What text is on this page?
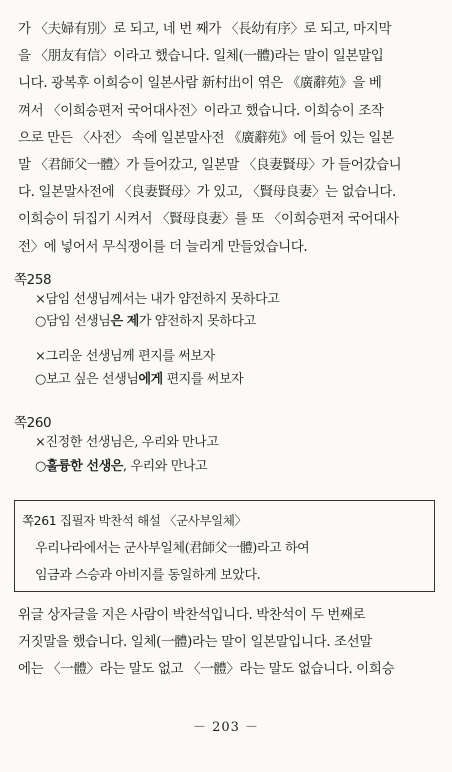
가 〈夫婦有別〉로 되고, 네 번 째가 〈長幼有序〉로 되고, 마지막
을 〈朋友有信〉이라고 했습니다. 일체(一體)라는 말이 일본말입
니다. 광복후 이희승이 일본사람 新村出이 엮은 《廣辭苑》을 베
껴서 〈이희승편저 국어대사전〉이라고 했습니다. 이희승이 조작
으로 만든 〈사전〉 속에 일본말사전 《廣辭苑》에 들어 있는 일본
말 〈君師父一體〉가 들어갔고, 일본말 〈良妻賢母〉가 들어갔습니
다. 일본말사전에 〈良妻賢母〉가 있고, 〈賢母良妻〉는 없습니다.
이희승이 뒤집기 시켜서 〈賢母良妻〉를 또 〈이희승편저 국어대사
전〉에 넣어서 무식쟁이를 더 늘리게 만들었습니다.

쪽258
×담임 선생님께서는 내가 얌전하지 못하다고
○담임 선생님은 제가 얌전하지 못하다고
×그리운 선생님께 편지를 써보자
○보고 싶은 선생님에게 편지를 써보자
쪽260
×진정한 선생님은, 우리와 만나고
○훌륭한 선생은, 우리와 만나고
쪽261 집필자 박찬석 해설 〈군사부일체〉
우리나라에서는 군사부일체(君師父一體)라고 하여
임금과 스승과 아비지를 동일하게 보았다.

위글 상자글을 지은 사람이 박찬석입니다. 박찬석이 두 번째로
거짓말을 했습니다. 일체(一體)라는 말이 일본말입니다. 조선말
에는 〈一體〉라는 말도 없고 〈一體〉라는 말도 없습니다. 이희승

－ 203 －
